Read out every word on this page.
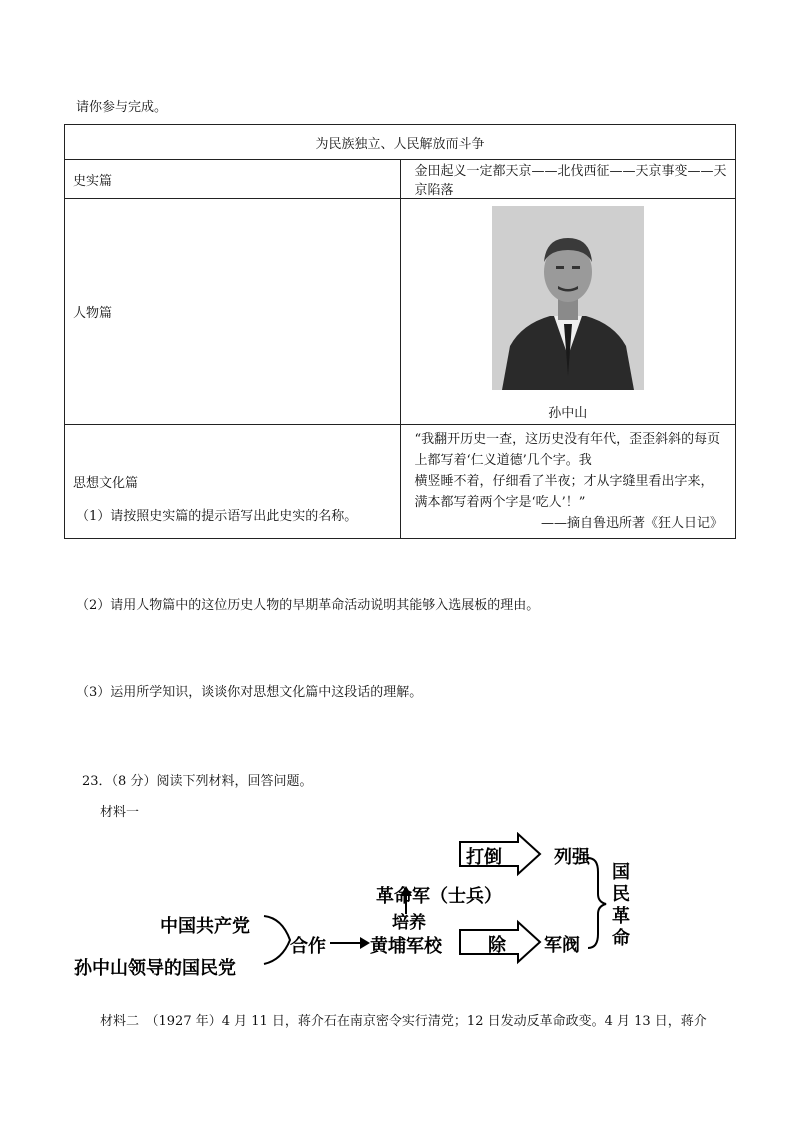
请你参与完成。
为民族独立、人民解放而斗争	
史实篇	金田起义一定都天京——北伐西征——天京事变——天京陷落
人物篇	孙中山

思想文化篇	“我翻开历史一查，这历史没有年代，歪歪斜斜的每页上都写着‘仁义道德’几个字。我
横竖睡不着，仔细看了半夜；才从字缝里看出字来，满本都写着两个字是‘吃人’！”
——摘自鲁迅所著《狂人日记》
（1）请按照史实篇的提示语写出此史实的名称。
（2）请用人物篇中的这位历史人物的早期革命活动说明其能够入选展板的理由。
（3）运用所学知识，谈谈你对思想文化篇中这段话的理解。
23．（8 分）阅读下列材料，回答问题。
材料一
中国共产党
孙中山领导的国民党
合作 黄埔军校
培养
革命军（士兵）
打倒	列强
除 军阀
国
民
革
命
材料二　（1927 年）4 月 11 日，蒋介石在南京密令实行清党；12 日发动反革命政变。4 月 13 日，蒋介
